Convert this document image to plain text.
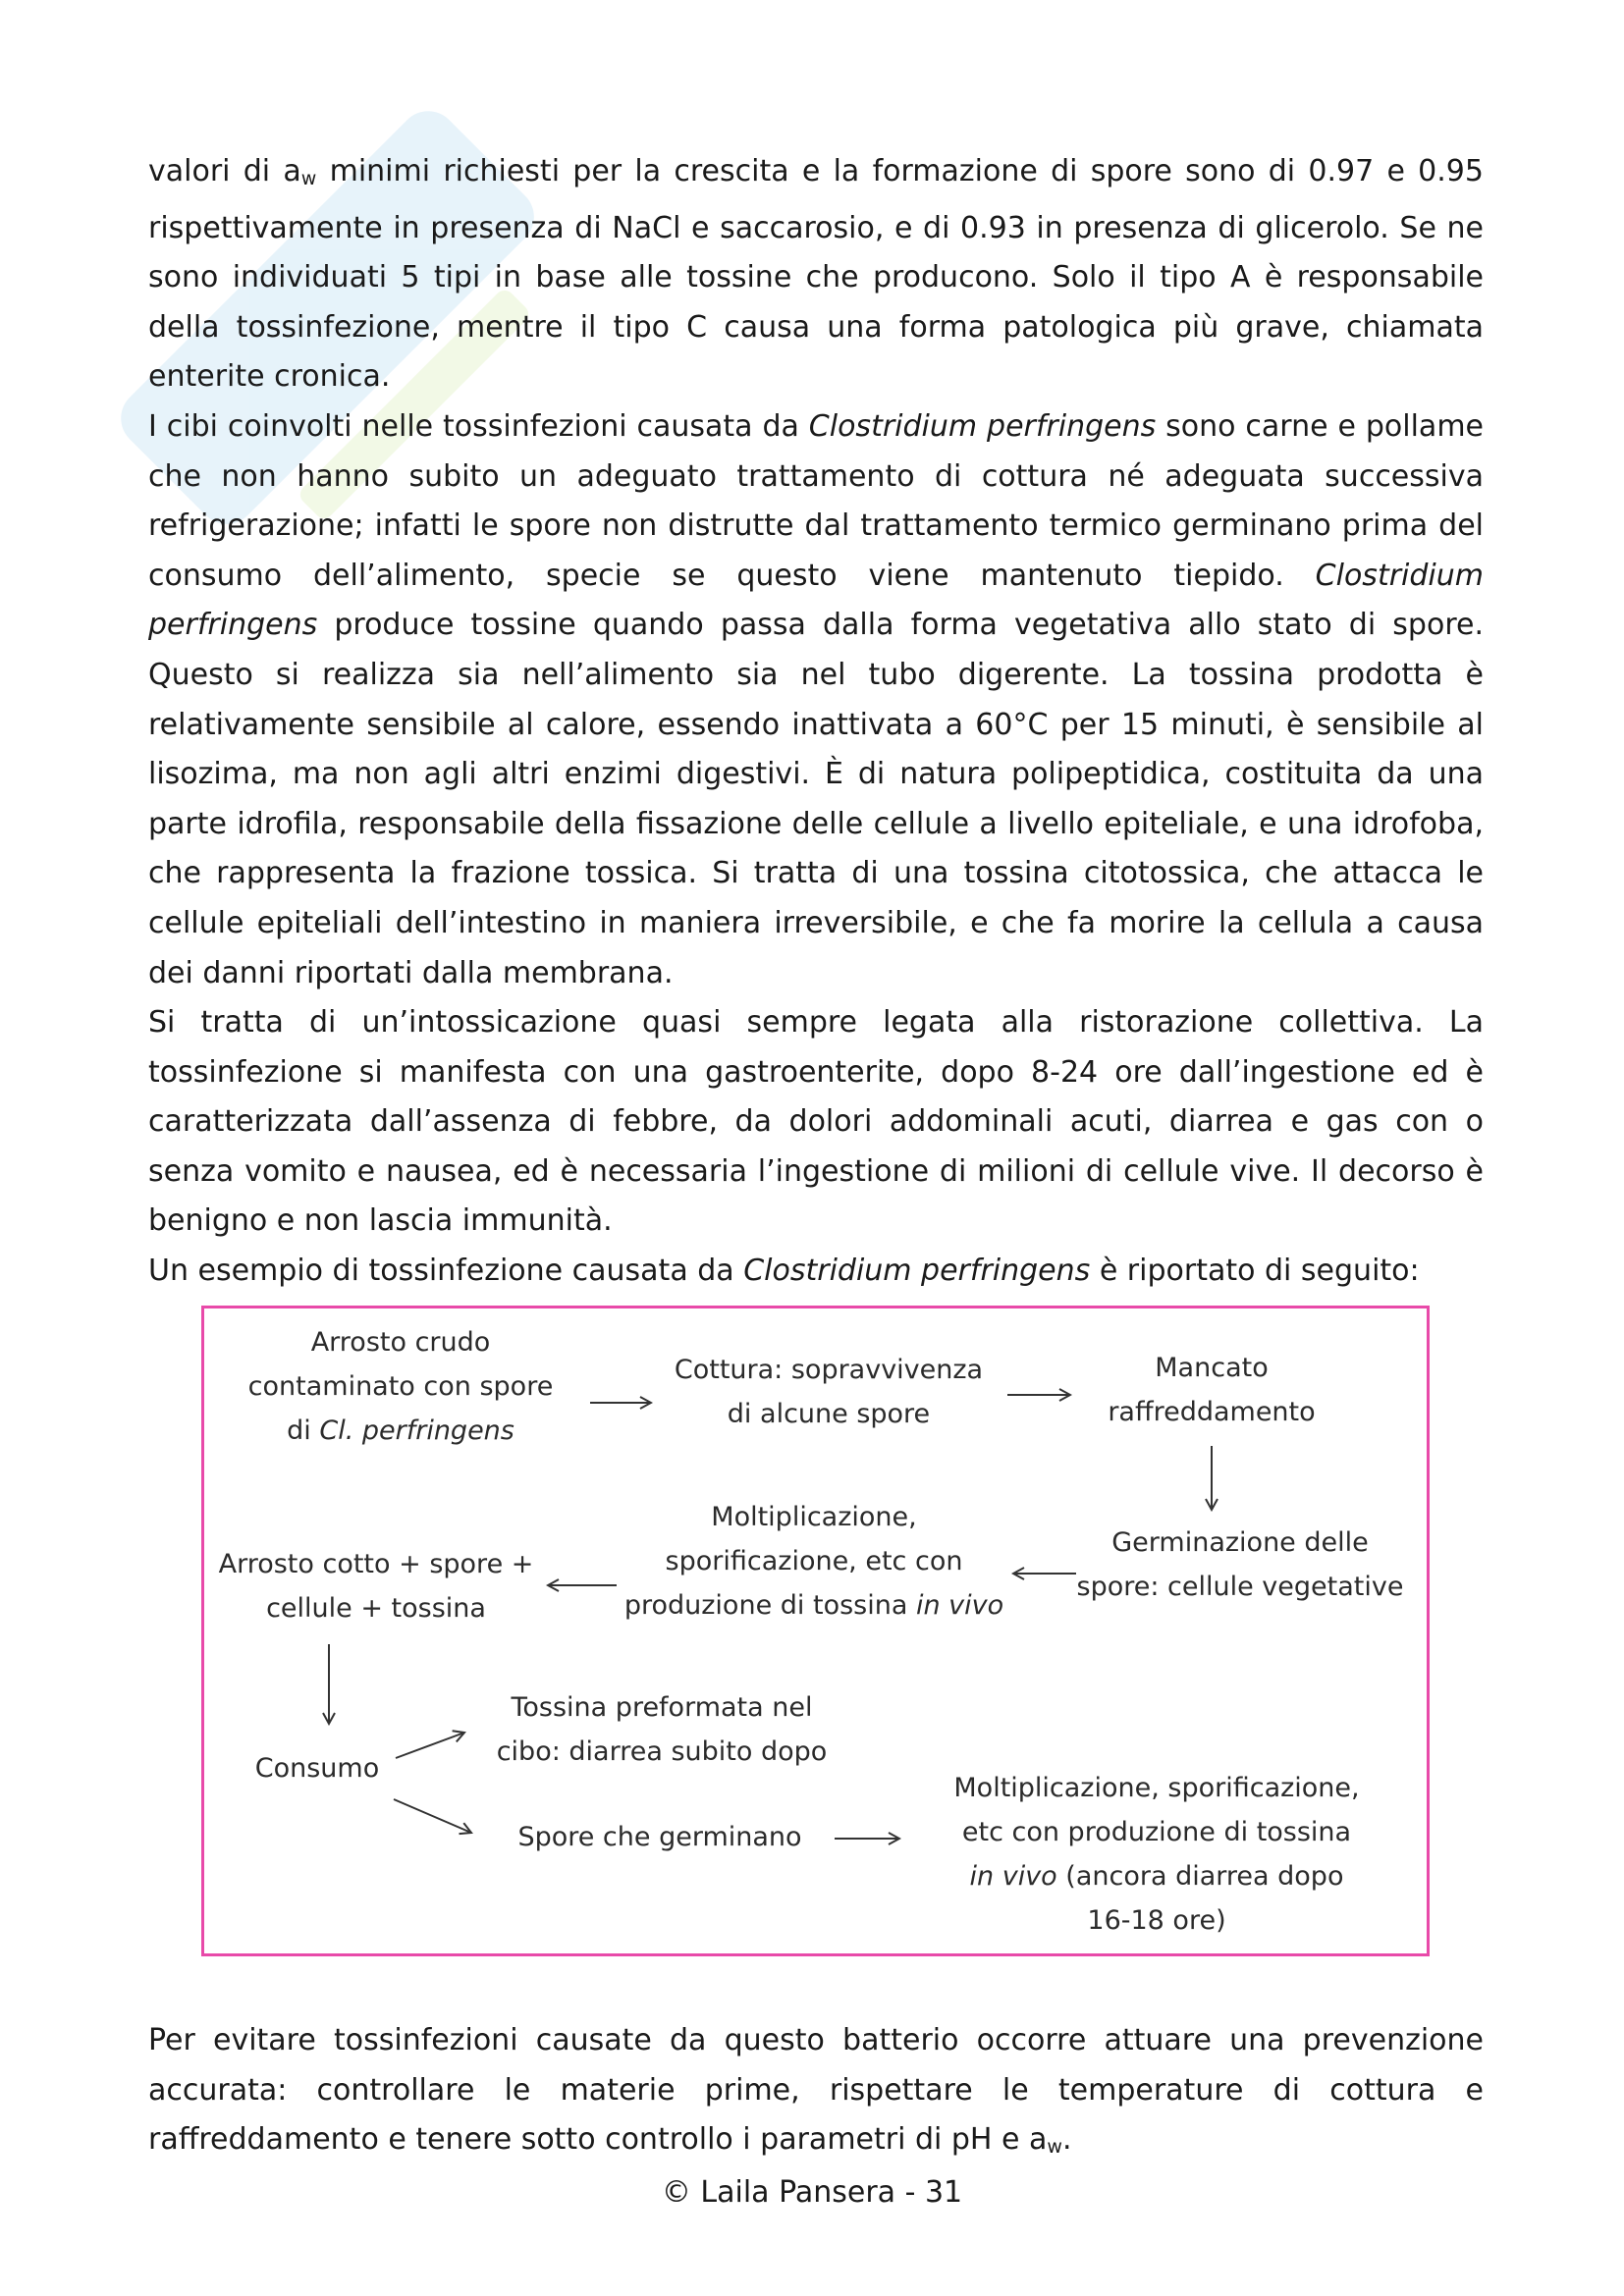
valori di $a_w$ minimi richiesti per la crescita e la formazione di spore sono di 0.97 e 0.95 rispettivamente in presenza di NaCl e saccarosio, e di 0.93 in presenza di glicerolo. Se ne sono individuati 5 tipi in base alle tossine che producono. Solo il tipo A è responsabile della tossinfezione, mentre il tipo C causa una forma patologica più grave, chiamata enterite cronica.

I cibi coinvolti nelle tossinfezioni causata da Clostridium perfringens sono carne e pollame che non hanno subito un adeguato trattamento di cottura né adeguata successiva refrigerazione; infatti le spore non distrutte dal trattamento termico germinano prima del consumo dell’alimento, specie se questo viene mantenuto tiepido. Clostridium perfringens produce tossine quando passa dalla forma vegetativa allo stato di spore. Questo si realizza sia nell’alimento sia nel tubo digerente. La tossina prodotta è relativamente sensibile al calore, essendo inattivata a 60°C per 15 minuti, è sensibile al lisozima, ma non agli altri enzimi digestivi. È di natura polipeptidica, costituita da una parte idrofila, responsabile della fissazione delle cellule a livello epiteliale, e una idrofoba, che rappresenta la frazione tossica. Si tratta di una tossina citotossica, che attacca le cellule epiteliali dell’intestino in maniera irreversibile, e che fa morire la cellula a causa dei danni riportati dalla membrana.

Si tratta di un’intossicazione quasi sempre legata alla ristorazione collettiva. La tossinfezione si manifesta con una gastroenterite, dopo 8-24 ore dall’ingestione ed è caratterizzata dall’assenza di febbre, da dolori addominali acuti, diarrea e gas con o senza vomito e nausea, ed è necessaria l’ingestione di milioni di cellule vive. Il decorso è benigno e non lascia immunità.

Un esempio di tossinfezione causata da Clostridium perfringens è riportato di seguito:

Arrosto crudo
contaminato con spore
di Cl. perfringens
Cottura: sopravvivenza
di alcune spore
Mancato
raffreddamento
Germinazione delle
spore: cellule vegetative
Moltiplicazione,
sporificazione, etc con
produzione di tossina in vivo
Arrosto cotto + spore +
cellule + tossina
Consumo
Tossina preformata nel
cibo: diarrea subito dopo
Spore che germinano
Moltiplicazione, sporificazione,
etc con produzione di tossina
in vivo (ancora diarrea dopo
16-18 ore)

Per evitare tossinfezioni causate da questo batterio occorre attuare una prevenzione accurata: controllare le materie prime, rispettare le temperature di cottura e raffreddamento e tenere sotto controllo i parametri di pH e $a_w$.

© Laila Pansera - 31
